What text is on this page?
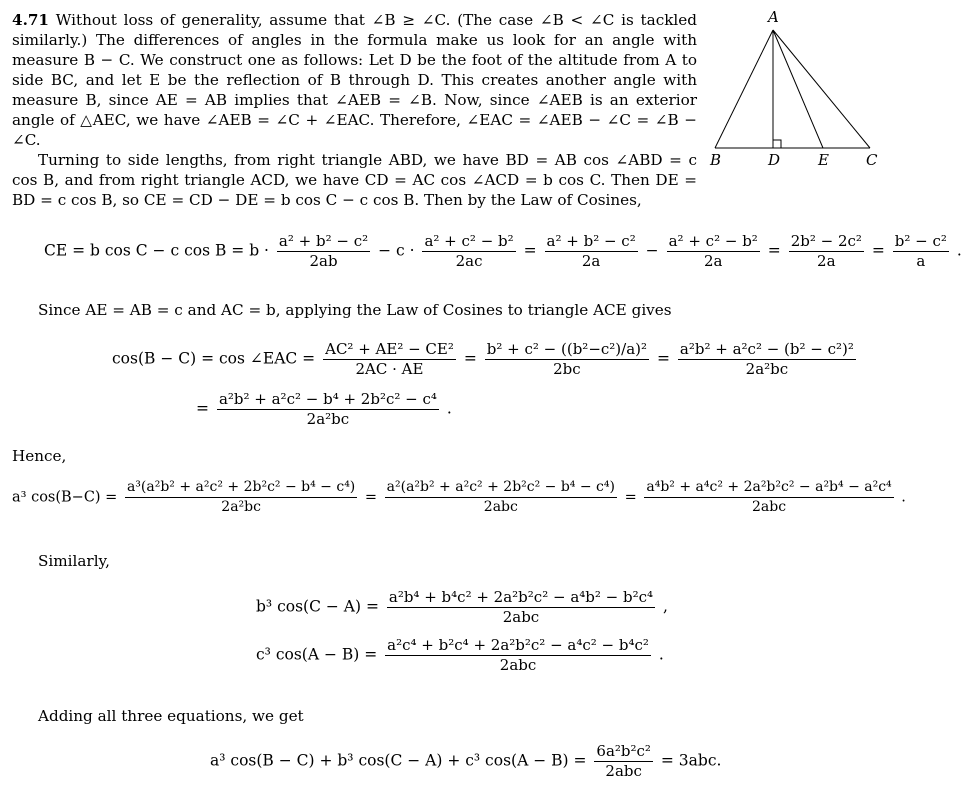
4.71 Without loss of generality, assume that ∠B ≥ ∠C. (The case ∠B < ∠C is tackled similarly.) The differences of angles in the formula make us look for an angle with measure B − C. We construct one as follows: Let D be the foot of the altitude from A to side BC, and let E be the reflection of B through D. This creates another angle with measure B, since AE = AB implies that ∠AEB = ∠B. Now, since ∠AEB is an exterior angle of △AEC, we have ∠AEB = ∠C + ∠EAC. Therefore, ∠EAC = ∠AEB − ∠C = ∠B − ∠C.
A
B	D	E C
Turning to side lengths, from right triangle ABD, we have BD = AB cos ∠ABD = c cos B, and from right triangle ACD, we have CD = AC cos ∠ACD = b cos C. Then DE = BD = c cos B, so CE = CD − DE = b cos C − c cos B. Then by the Law of Cosines,
CE = b cos C − c $\cos B = b \cdot \frac{\text{a² + b² − c²}}{2ab} - c \cdot \frac{\text{a² + c² − b²}}{2ac} = \frac{\text{a² + b² − c²}}{2a} - \frac{\text{a² + c² − b²}}{2a} = \frac{\text{2b² − 2c²}}{2a} = \frac{\text{b² − c²}}{a}$ .
Since AE = AB = c and AC = b, applying the Law of Cosines to triangle ACE gives
cos(B − C) = cos ∠EAC = $\frac{\text{AC² + AE² − CE²}}{2AC \cdot AE} = \frac{\text{b² + c² − ((b²−c²)/a)²}}{2bc} = \frac{\text{a²b² + a²c² − (b² − c²)²}}{\text{2a²bc}}$
= $\frac{\text{a²b² + a²c² − b⁴ + 2b²c² − c⁴}}{\text{2a²bc}}$ .
Hence,
a³ $\cos(B-C) = \frac{\text{a³(a²b² + a²c² + 2b²c² − b⁴ − c⁴)}}{\text{2a²bc}} = \frac{\text{a²(a²b² + a²c² + 2b²c² − b⁴ − c⁴)}}{\text{2abc}} = \frac{\text{a⁴b² + a⁴c² + 2a²b²c² − a²b⁴ − a²c⁴}}{\text{2abc}}$ .
Similarly,
b³ $\cos(C - A) = \frac{\text{a²b⁴ + b⁴c² + 2a²b²c² − a⁴b² − b²c⁴}}{\text{2abc}}$ ,
c³ $\cos(A - B) = \frac{\text{a²c⁴ + b²c⁴ + 2a²b²c² − a⁴c² − b⁴c²}}{\text{2abc}}$ .
Adding all three equations, we get
a³ cos(B − C) + b³ cos(C − A) + c³ $\cos(A - B) = \frac{\text{6a²b²c²}}{\text{2abc}} = 3abc$.
